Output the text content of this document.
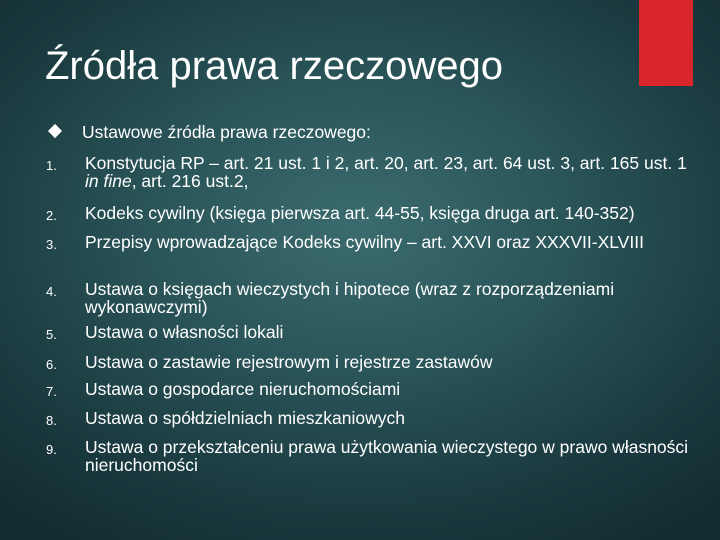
Źródła prawa rzeczowego
Ustawowe źródła prawa rzeczowego:
1. Konstytucja RP – art. 21 ust. 1 i 2, art. 20, art. 23, art. 64 ust. 3, art. 165 ust. 1 in fine, art. 216 ust.2,
2. Kodeks cywilny (księga pierwsza art. 44-55, księga druga art. 140-352)
3. Przepisy wprowadzające Kodeks cywilny – art. XXVI oraz XXXVII-XLVIII
4. Ustawa o księgach wieczystych i hipotece (wraz z rozporządzeniami wykonawczymi)
5. Ustawa o własności lokali
6. Ustawa o zastawie rejestrowym i rejestrze zastawów
7. Ustawa o gospodarce nieruchomościami
8. Ustawa o spółdzielniach mieszkaniowych
9. Ustawa o przekształceniu prawa użytkowania wieczystego w prawo własności nieruchomości
